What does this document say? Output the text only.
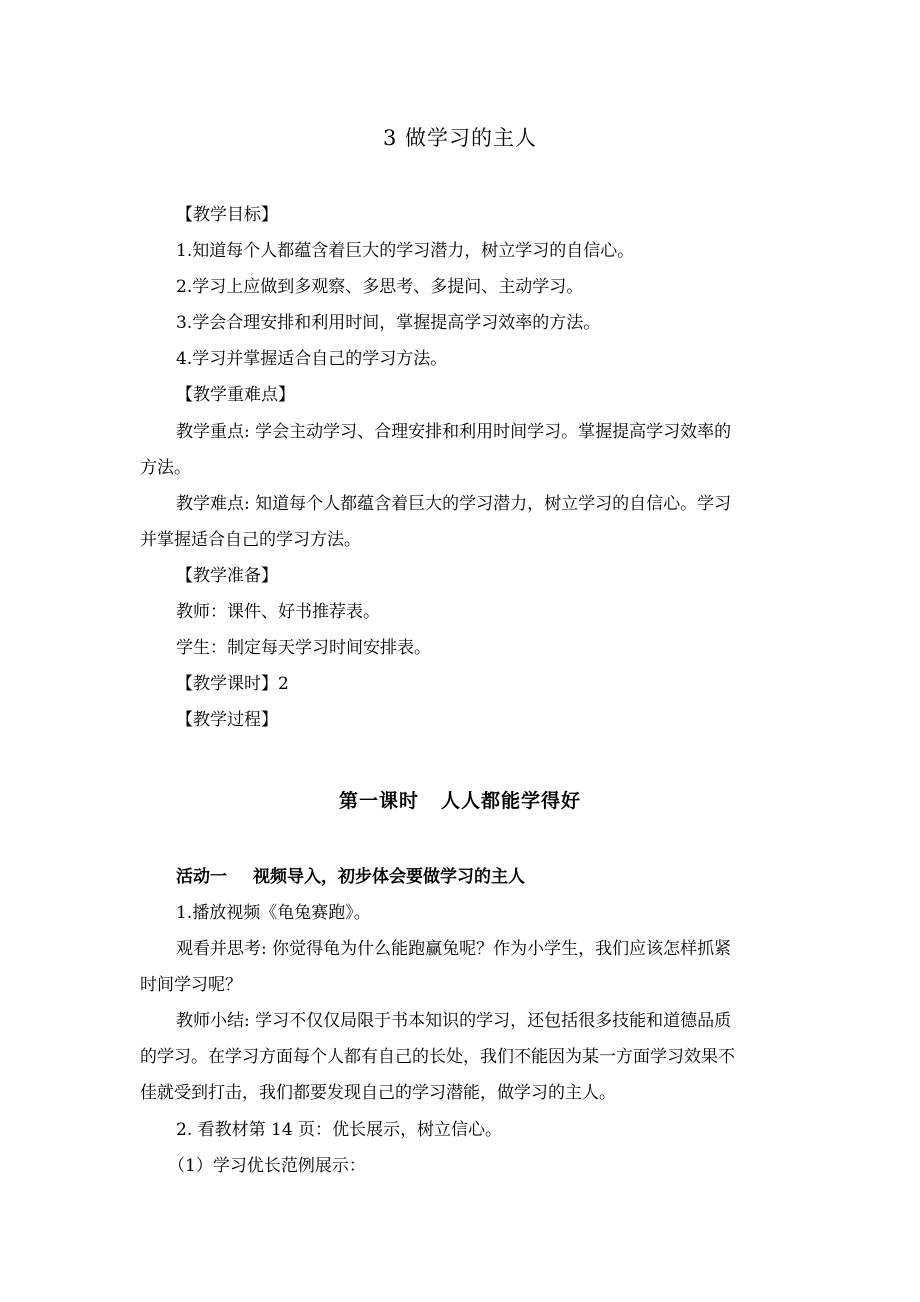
3 做学习的主人
【教学目标】
1.知道每个人都蕴含着巨大的学习潜力，树立学习的自信心。
2.学习上应做到多观察、多思考、多提问、主动学习。
3.学会合理安排和利用时间，掌握提高学习效率的方法。
4.学习并掌握适合自己的学习方法。
【教学重难点】
教学重点: 学会主动学习、合理安排和利用时间学习。掌握提高学习效率的
方法。
教学难点: 知道每个人都蕴含着巨大的学习潜力，树立学习的自信心。学习
并掌握适合自己的学习方法。
【教学准备】
教师：课件、好书推荐表。
学生：制定每天学习时间安排表。
【教学课时】2
【教学过程】
第一课时 人人都能学得好
活动一 视频导入，初步体会要做学习的主人
1.播放视频《龟兔赛跑》。
观看并思考: 你觉得龟为什么能跑赢兔呢？作为小学生，我们应该怎样抓紧
时间学习呢？
教师小结: 学习不仅仅局限于书本知识的学习，还包括很多技能和道德品质
的学习。在学习方面每个人都有自己的长处，我们不能因为某一方面学习效果不
佳就受到打击，我们都要发现自己的学习潜能，做学习的主人。
2. 看教材第 14 页：优长展示，树立信心。
（1）学习优长范例展示：
